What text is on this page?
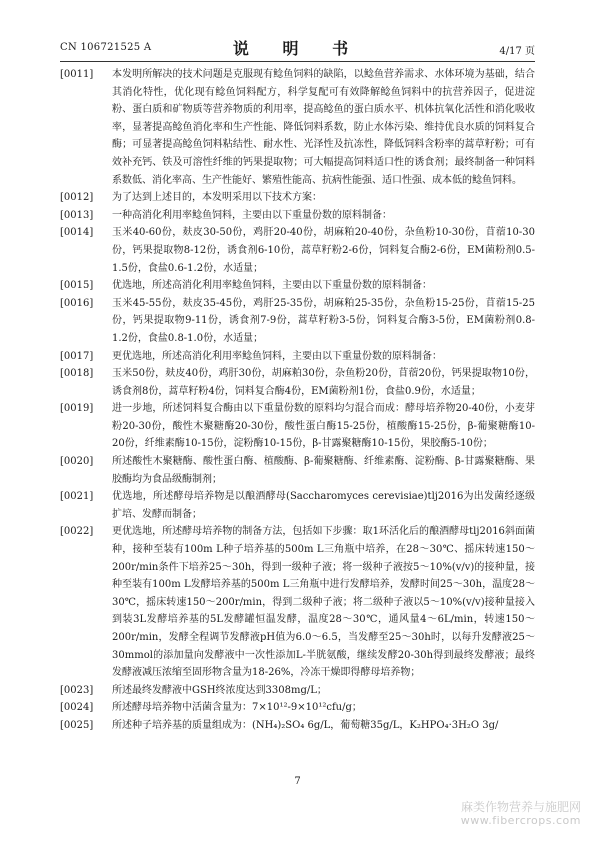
CN 106721525 A	说 明 书	4/17 页

[0011] 本发明所解决的技术问题是克服现有鲶鱼饲料的缺陷，以鲶鱼营养需求、水体环境为基础，结合其消化特性，优化现有鲶鱼饲料配方，科学复配可有效降解鲶鱼饲料中的抗营养因子，促进淀粉、蛋白质和矿物质等营养物质的利用率，提高鲶鱼的蛋白质水平、机体抗氧化活性和消化吸收率，显著提高鲶鱼消化率和生产性能、降低饲料系数，防止水体污染、维持优良水质的饲料复合酶；可显著提高鲶鱼饲料粘结性、耐水性、光泽性及抗冻性，降低饲料含粉率的蒿草籽粉；可有效补充钙、铁及可溶性纤维的钙果提取物；可大幅提高饲料适口性的诱食剂；最终制备一种饲料系数低、消化率高、生产性能好、繁殖性能高、抗病性能强、适口性强、成本低的鲶鱼饲料。

[0012] 为了达到上述目的，本发明采用以下技术方案：

[0013] 一种高消化利用率鲶鱼饲料，主要由以下重量份数的原料制备：

[0014] 玉米40-60份，麸皮30-50份，鸡肝20-40份，胡麻粕20-40份，杂鱼粉10-30份，苜蓿10-30份，钙果提取物8-12份，诱食剂6-10份，蒿草籽粉2-6份，饲料复合酶2-6份，EM菌粉剂0.5-1.5份，食盐0.6-1.2份，水适量；

[0015] 优选地，所述高消化利用率鲶鱼饲料，主要由以下重量份数的原料制备：

[0016] 玉米45-55份，麸皮35-45份，鸡肝25-35份，胡麻粕25-35份，杂鱼粉15-25份，苜蓿15-25份，钙果提取物9-11份，诱食剂7-9份，蒿草籽粉3-5份，饲料复合酶3-5份，EM菌粉剂0.8-1.2份，食盐0.8-1.0份，水适量；

[0017] 更优选地，所述高消化利用率鲶鱼饲料，主要由以下重量份数的原料制备：

[0018] 玉米50份，麸皮40份，鸡肝30份，胡麻粕30份，杂鱼粉20份，苜蓿20份，钙果提取物10份，诱食剂8份，蒿草籽粉4份，饲料复合酶4份，EM菌粉剂1份，食盐0.9份，水适量；

[0019] 进一步地，所述饲料复合酶由以下重量份数的原料均匀混合而成：酵母培养物20-40份，小麦芽粉20-30份，酸性木聚糖酶20-30份，酸性蛋白酶15-25份，植酸酶15-25份，β-葡聚糖酶10-20份，纤维素酶10-15份，淀粉酶10-15份，β-甘露聚糖酶10-15份，果胶酶5-10份；

[0020] 所述酸性木聚糖酶、酸性蛋白酶、植酸酶、β-葡聚糖酶、纤维素酶、淀粉酶、β-甘露聚糖酶、果胶酶均为食品级酶制剂；

[0021] 优选地，所述酵母培养物是以酿酒酵母(Saccharomyces cerevisiae)tlj2016为出发菌经逐级扩培、发酵而制备；

[0022] 更优选地，所述酵母培养物的制备方法，包括如下步骤：取1环活化后的酿酒酵母tlj2016斜面菌种，接种至装有100m L种子培养基的500m L三角瓶中培养，在28～30℃、摇床转速150～200r/min条件下培养25～30h，得到一级种子液；将一级种子液按5～10%(v/v)的接种量，接种至装有100m L发酵培养基的500m L三角瓶中进行发酵培养，发酵时间25～30h，温度28～30℃，摇床转速150～200r/min，得到二级种子液；将二级种子液以5～10%(v/v)接种量接入到装3L发酵培养基的5L发酵罐恒温发酵，温度28～30℃，通风量4～6L/min，转速150～200r/min，发酵全程调节发酵液pH值为6.0～6.5，当发酵至25～30h时，以每升发酵液25～30mmol的添加量向发酵液中一次性添加L-半胱氨酸，继续发酵20-30h得到最终发酵液；最终发酵液减压浓缩至固形物含量为18-26%，冷冻干燥即得酵母培养物；

[0023] 所述最终发酵液中GSH终浓度达到3308mg/L；

[0024] 所述酵母培养物中活菌含量为：7×10¹²-9×10¹²cfu/g；

[0025] 所述种子培养基的质量组成为：(NH₄)₂SO₄ 6g/L，葡萄糖35g/L，K₂HPO₄·3H₂O 3g/

7
麻类作物营养与施肥网
www.fibercrops.com
